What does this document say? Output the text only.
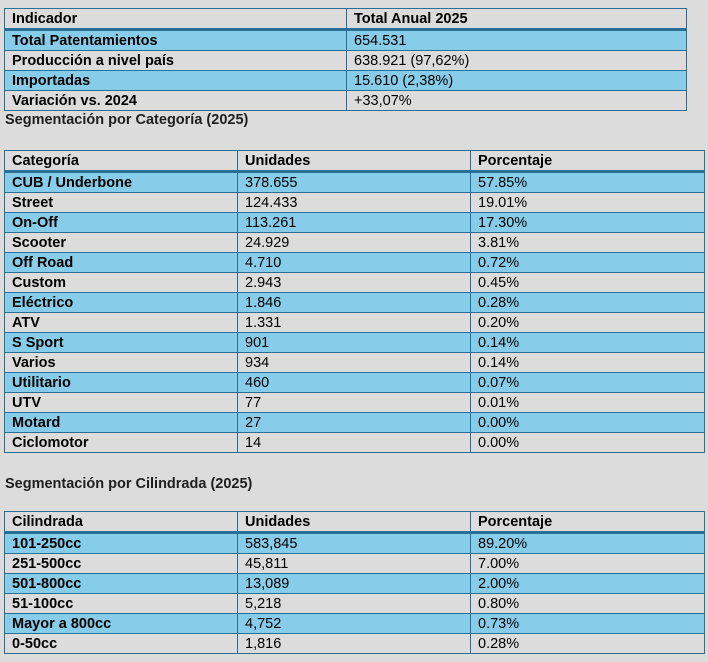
Indicador	Total Anual 2025
Total Patentamientos	654.531
Producción a nivel país	638.921 (97,62%)
Importadas	15.610 (2,38%)
Variación vs. 2024	+33,07%
Segmentación por Categoría (2025)
Categoría	Unidades	Porcentaje
CUB / Underbone	378.655	57.85%
Street	124.433	19.01%
On-Off	113.261	17.30%
Scooter	24.929	3.81%
Off Road	4.710	0.72%
Custom	2.943	0.45%
Eléctrico	1.846	0.28%
ATV	1.331	0.20%
S Sport	901	0.14%
Varios	934	0.14%
Utilitario	460	0.07%
UTV	77	0.01%
Motard	27	0.00%
Ciclomotor	14	0.00%
Segmentación por Cilindrada (2025)
Cilindrada	Unidades	Porcentaje
101-250cc	583,845	89.20%
251-500cc	45,811	7.00%
501-800cc	13,089	2.00%
51-100cc	5,218	0.80%
Mayor a 800cc	4,752	0.73%
0-50cc	1,816	0.28%
